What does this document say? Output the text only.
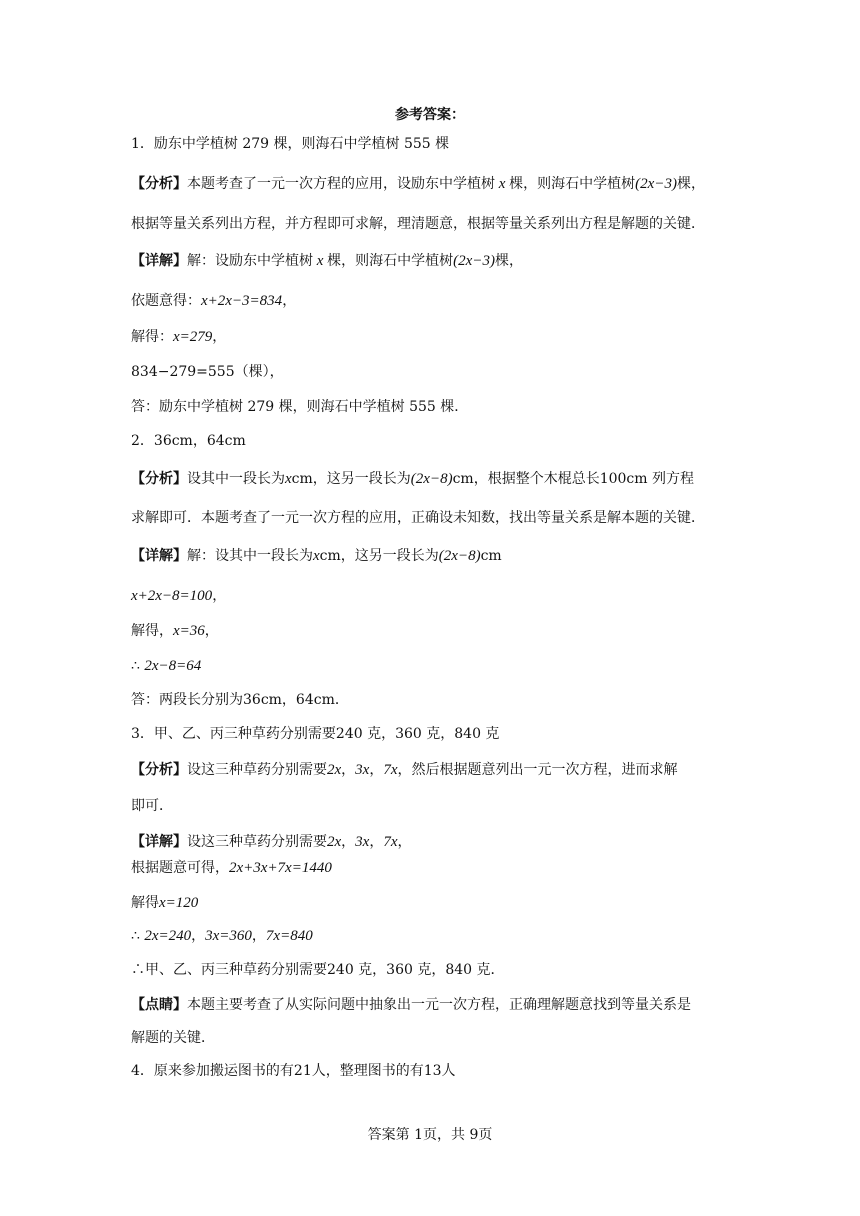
参考答案：
1．励东中学植树 279 棵，则海石中学植树 555 棵
【分析】本题考查了一元一次方程的应用，设励东中学植树 x 棵，则海石中学植树(2x−3)棵，
根据等量关系列出方程，并方程即可求解，理清题意，根据等量关系列出方程是解题的关键．
【详解】解：设励东中学植树 x 棵，则海石中学植树(2x−3)棵，
依题意得：x+2x−3=834，
解得：x=279，
834−279=555（棵），
答：励东中学植树 279 棵，则海石中学植树 555 棵．
2．36cm，64cm
【分析】设其中一段长为xcm，这另一段长为(2x−8)cm，根据整个木棍总长100cm 列方程
求解即可．本题考查了一元一次方程的应用，正确设未知数，找出等量关系是解本题的关键．
【详解】解：设其中一段长为xcm，这另一段长为(2x−8)cm
x+2x−8=100，
解得，x=36，
∴ 2x−8=64
答：两段长分别为36cm，64cm．
3．甲、乙、丙三种草药分别需要240 克，360 克，840 克
【分析】设这三种草药分别需要2x，3x，7x，然后根据题意列出一元一次方程，进而求解
即可．
【详解】设这三种草药分别需要2x，3x，7x，
根据题意可得，2x+3x+7x=1440
解得x=120
∴ 2x=240，3x=360，7x=840
∴甲、乙、丙三种草药分别需要240 克，360 克，840 克．
【点睛】本题主要考查了从实际问题中抽象出一元一次方程，正确理解题意找到等量关系是
解题的关键．
4．原来参加搬运图书的有21人，整理图书的有13人
答案第 1页，共 9页
